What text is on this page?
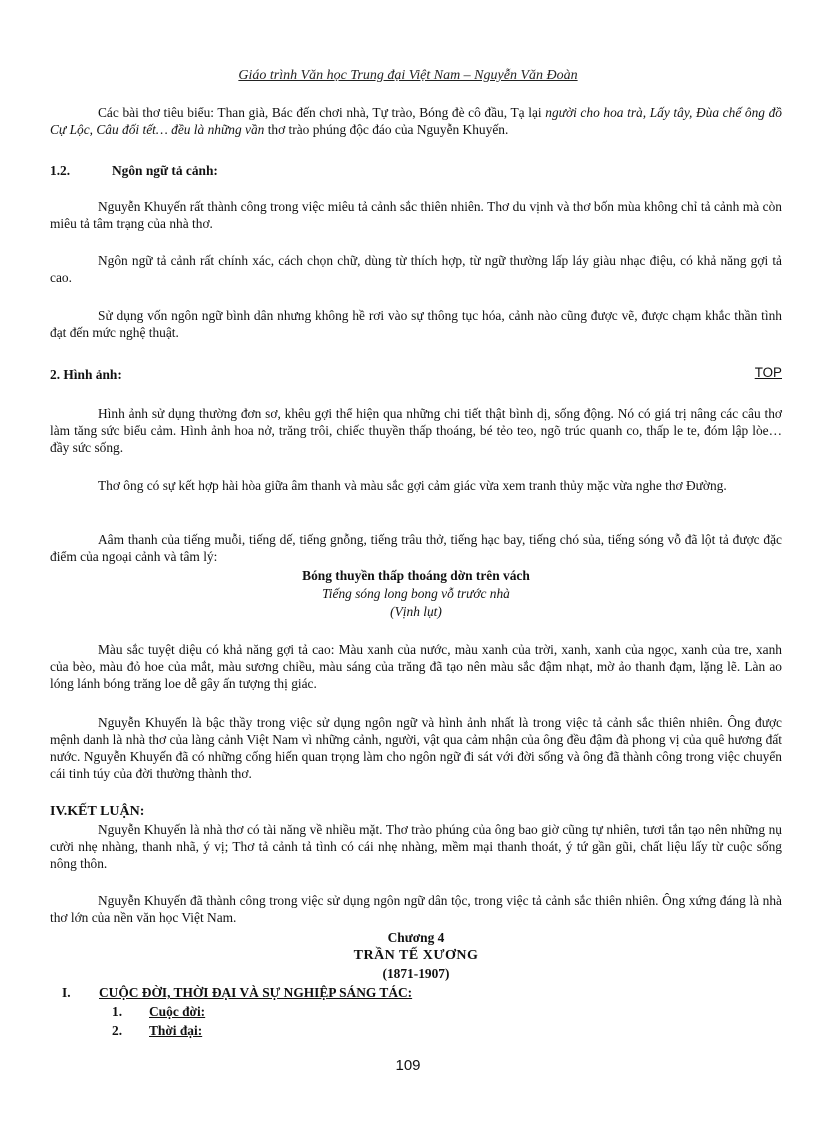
Giáo trình Văn học Trung đại Việt Nam – Nguyễn Văn Đoàn
Các bài thơ tiêu biểu: Than già, Bác đến chơi nhà, Tự trào, Bóng đè cô đầu, Tạ lại người cho hoa trà, Lấy tây, Đùa chế ông đồ Cự Lộc, Câu đối tết… đều là những vần thơ trào phúng độc đáo của Nguyễn Khuyến.
1.2.	Ngôn ngữ tả cảnh:
Nguyễn Khuyến rất thành công trong việc miêu tả cảnh sắc thiên nhiên. Thơ du vịnh và thơ bốn mùa không chỉ tả cảnh mà còn miêu tả tâm trạng của nhà thơ.
Ngôn ngữ tả cảnh rất chính xác, cách chọn chữ, dùng từ thích hợp, từ ngữ thường lấp láy giàu nhạc điệu, có khả năng gợi tả cao.
Sử dụng vốn ngôn ngữ bình dân nhưng không hề rơi vào sự thông tục hóa, cảnh nào cũng được vẽ, được chạm khắc thần tình đạt đến mức nghệ thuật.
2. Hình ảnh:	TOP
Hình ảnh sử dụng thường đơn sơ, khêu gợi thể hiện qua những chi tiết thật bình dị, sống động. Nó có giá trị nâng các câu thơ làm tăng sức biểu cảm. Hình ảnh hoa nở, trăng trôi, chiếc thuyền thấp thoáng, bé tẻo teo, ngõ trúc quanh co, thấp le te, đóm lập lòe… đầy sức sống.
Thơ ông có sự kết hợp hài hòa giữa âm thanh và màu sắc gợi cảm giác vừa xem tranh thủy mặc vừa nghe thơ Đường.
Aâm thanh của tiếng muỗi, tiếng dế, tiếng gnỗng, tiếng trâu thở, tiếng hạc bay, tiếng chó sủa, tiếng sóng vỗ đã lột tả được đặc điểm của ngoại cảnh và tâm lý:
Bóng thuyền thấp thoáng dờn trên vách
Tiếng sóng long bong vỗ trước nhà
(Vịnh lụt)
Màu sắc tuyệt diệu có khả năng gợi tả cao: Màu xanh của nước, màu xanh của trời, xanh, xanh của ngọc, xanh của tre, xanh của bèo, màu đỏ hoe của mắt, màu sương chiều, màu sáng của trăng đã tạo nên màu sắc đậm nhạt, mờ ảo thanh đạm, lặng lẽ. Làn ao lóng lánh bóng trăng loe dễ gây ấn tượng thị giác.
Nguyễn Khuyến là bậc thầy trong việc sử dụng ngôn ngữ và hình ảnh nhất là trong việc tả cảnh sắc thiên nhiên. Ông được mệnh danh là nhà thơ của làng cảnh Việt Nam vì những cảnh, người, vật qua cảm nhận của ông đều đậm đà phong vị của quê hương đất nước. Nguyễn Khuyến đã có những cống hiến quan trọng làm cho ngôn ngữ đi sát với đời sống và ông đã thành công trong việc chuyển cái tinh túy của đời thường thành thơ.
IV.KẾT LUẬN:
Nguyễn Khuyến là nhà thơ có tài năng về nhiều mặt. Thơ trào phúng của ông bao giờ cũng tự nhiên, tươi tắn tạo nên những nụ cười nhẹ nhàng, thanh nhã, ý vị; Thơ tả cảnh tả tình có cái nhẹ nhàng, mềm mại thanh thoát, ý tứ gần gũi, chất liệu lấy từ cuộc sống nông thôn.
Nguyễn Khuyến đã thành công trong việc sử dụng ngôn ngữ dân tộc, trong việc tả cảnh sắc thiên nhiên. Ông xứng đáng là nhà thơ lớn của nền văn học Việt Nam.
Chương 4
TRẦN TẾ XƯƠNG
(1871-1907)
I. CUỘC ĐỜI, THỜI ĐẠI VÀ SỰ NGHIỆP SÁNG TÁC:
1. Cuộc đời:
2. Thời đại:
109
